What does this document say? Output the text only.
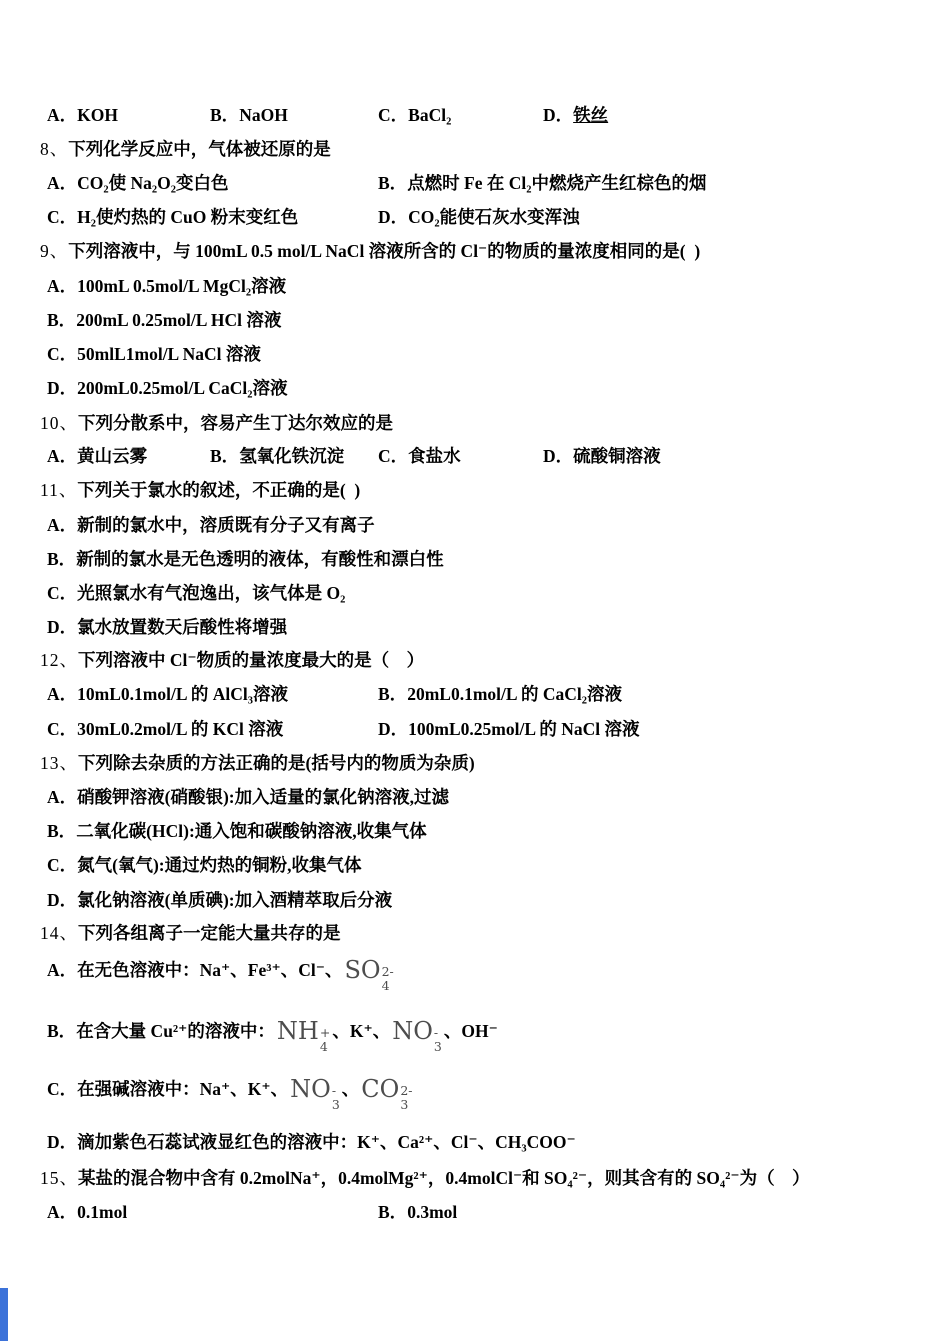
A．KOH	B．NaOH	C．BaCl₂	D．铁丝
8、下列化学反应中，气体被还原的是
A．CO₂使 Na₂O₂变白色	B．点燃时 Fe 在 Cl₂中燃烧产生红棕色的烟
C．H₂使灼热的 CuO 粉末变红色	D．CO₂能使石灰水变浑浊
9、下列溶液中，与 100mL 0.5 mol/L NaCl 溶液所含的 Cl⁻的物质的量浓度相同的是(  )
A．100mL 0.5mol/L MgCl₂溶液
B．200mL 0.25mol/L HCl 溶液
C．50mlL1mol/L NaCl 溶液
D．200mL0.25mol/L CaCl₂溶液
10、下列分散系中，容易产生丁达尔效应的是
A．黄山云雾	B．氢氧化铁沉淀 C．食盐水	D．硫酸铜溶液
11、下列关于氯水的叙述，不正确的是(  )
A．新制的氯水中，溶质既有分子又有离子
B．新制的氯水是无色透明的液体，有酸性和漂白性
C．光照氯水有气泡逸出，该气体是 O₂
D．氯水放置数天后酸性将增强
12、下列溶液中 Cl⁻物质的量浓度最大的是（　）
A．10mL0.1mol/L 的 AlCl₃溶液	B．20mL0.1mol/L 的 CaCl₂溶液
C．30mL0.2mol/L 的 KCl 溶液	D．100mL0.25mol/L 的 NaCl 溶液
13、下列除去杂质的方法正确的是(括号内的物质为杂质)
A．硝酸钾溶液(硝酸银):加入适量的氯化钠溶液,过滤
B．二氧化碳(HCl):通入饱和碳酸钠溶液,收集气体
C．氮气(氧气):通过灼热的铜粉,收集气体
D．氯化钠溶液(单质碘):加入酒精萃取后分液
14、下列各组离子一定能大量共存的是
A．在无色溶液中：Na⁺、Fe³⁺、Cl⁻、SO 2-
4
B．在含大量 Cu²⁺的溶液中：NH +
4
、K⁺、NO -
3
、OH⁻
C．在强碱溶液中：Na⁺、K⁺、NO -
3
、CO 2-
3
D．滴加紫色石蕊试液显红色的溶液中：K⁺、Ca²⁺、Cl⁻、CH₃COO⁻
15、某盐的混合物中含有 0.2molNa⁺，0.4molMg²⁺，0.4molCl⁻和 SO₄²⁻，则其含有的 SO₄²⁻为（　）
A．0.1mol	B．0.3mol
